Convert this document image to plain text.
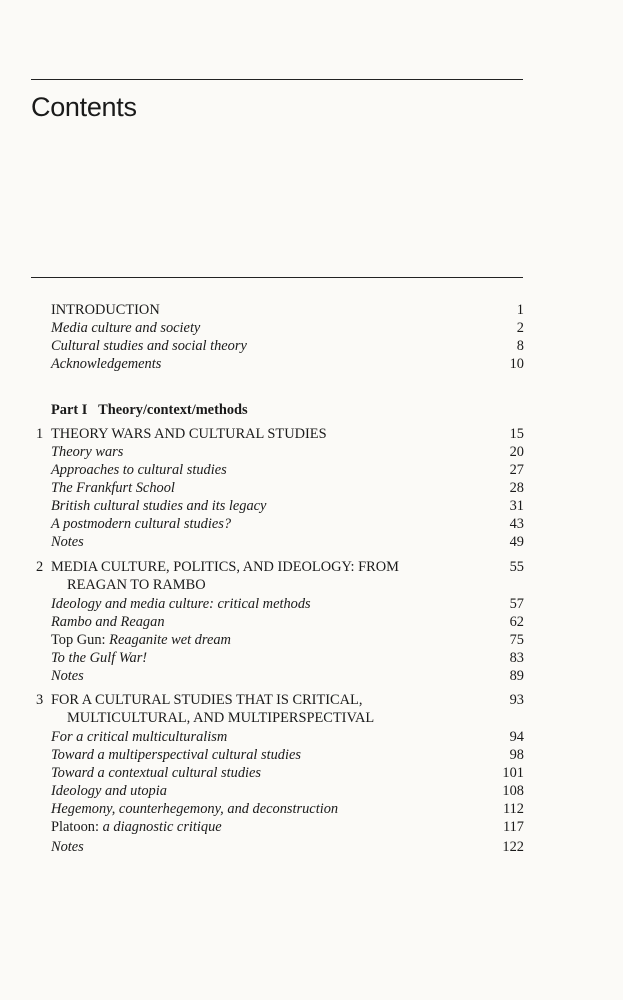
Contents
INTRODUCTION	1
Media culture and society	2
Cultural studies and social theory	8
Acknowledgements	10
Part I Theory/context/methods
1 THEORY WARS AND CULTURAL STUDIES	15
Theory wars	20
Approaches to cultural studies	27
The Frankfurt School	28
British cultural studies and its legacy	31
A postmodern cultural studies?	43
Notes	49
2 MEDIA CULTURE, POLITICS, AND IDEOLOGY: FROM	55
REAGAN TO RAMBO
Ideology and media culture: critical methods	57
Rambo and Reagan	62
Top Gun: Reaganite wet dream	75
To the Gulf War!	83
Notes	89
3 FOR A CULTURAL STUDIES THAT IS CRITICAL,	93
MULTICULTURAL, AND MULTIPERSPECTIVAL
For a critical multiculturalism	94
Toward a multiperspectival cultural studies	98
Toward a contextual cultural studies	101
Ideology and utopia	108
Hegemony, counterhegemony, and deconstruction	112
Platoon: a diagnostic critique	117
Notes	122
